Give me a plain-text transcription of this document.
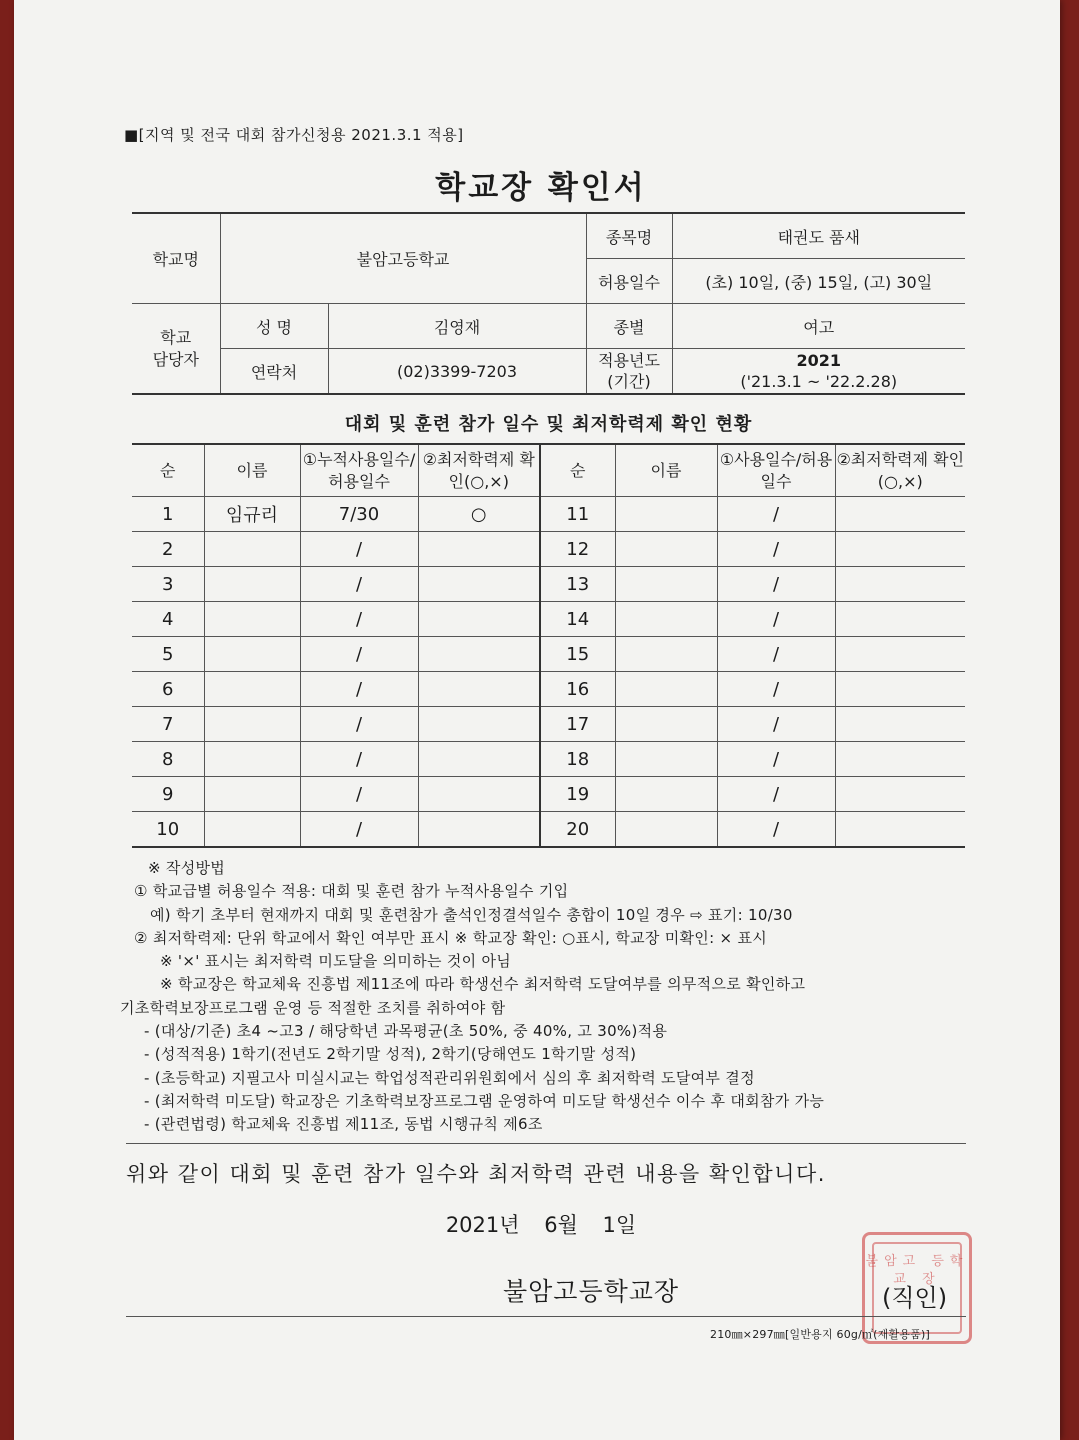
■[지역 및 전국 대회 참가신청용 2021.3.1 적용]
학교장 확인서
학교명	불암고등학교		종목명	태권도 품새
			허용일수	(초) 10일, (중) 15일, (고) 30일
학교 담당자	성 명	김영재	종별	여고
	연락처	(02)3399-7203	적용년도 (기간)	2021
('21.3.1 ~ '22.2.28)
대회 및 훈련 참가 일수 및 최저학력제 확인 현황
순	이름	①누적사용일수/허용일수	②최저학력제 확인(○,×)	순	이름	①사용일수/허용일수	②최저학력제 확인(○,×)
1	임규리	7/30	○	11		/	
2		/		12		/	
3		/		13		/	
4		/		14		/	
5		/		15		/	
6		/		16		/	
7		/		17		/	
8		/		18		/	
9		/		19		/	
10		/		20		/	
※ 작성방법
① 학교급별 허용일수 적용: 대회 및 훈련 참가 누적사용일수 기입
예) 학기 초부터 현재까지 대회 및 훈련참가 출석인정결석일수 총합이 10일 경우 ⇨ 표기: 10/30
② 최저학력제: 단위 학교에서 확인 여부만 표시 ※ 학교장 확인: ○표시, 학교장 미확인: × 표시
※ '×' 표시는 최저학력 미도달을 의미하는 것이 아님
※ 학교장은 학교체육 진흥법 제11조에 따라 학생선수 최저학력 도달여부를 의무적으로 확인하고
기초학력보장프로그램 운영 등 적절한 조치를 취하여야 함
- (대상/기준) 초4 ~고3 / 해당학년 과목평균(초 50%, 중 40%, 고 30%)적용
- (성적적용) 1학기(전년도 2학기말 성적), 2학기(당해연도 1학기말 성적)
- (초등학교) 지필고사 미실시교는 학업성적관리위원회에서 심의 후 최저학력 도달여부 결정
- (최저학력 미도달) 학교장은 기초학력보장프로그램 운영하여 미도달 학생선수 이수 후 대회참가 가능
- (관련법령) 학교체육 진흥법 제11조, 동법 시행규칙 제6조
위와 같이 대회 및 훈련 참가 일수와 최저학력 관련 내용을 확인합니다.
2021년 6월 1일
불암고 등학교 장
불암고등학교장	(직인)
210㎜×297㎜[일반용지 60g/㎡(재활용품)]
